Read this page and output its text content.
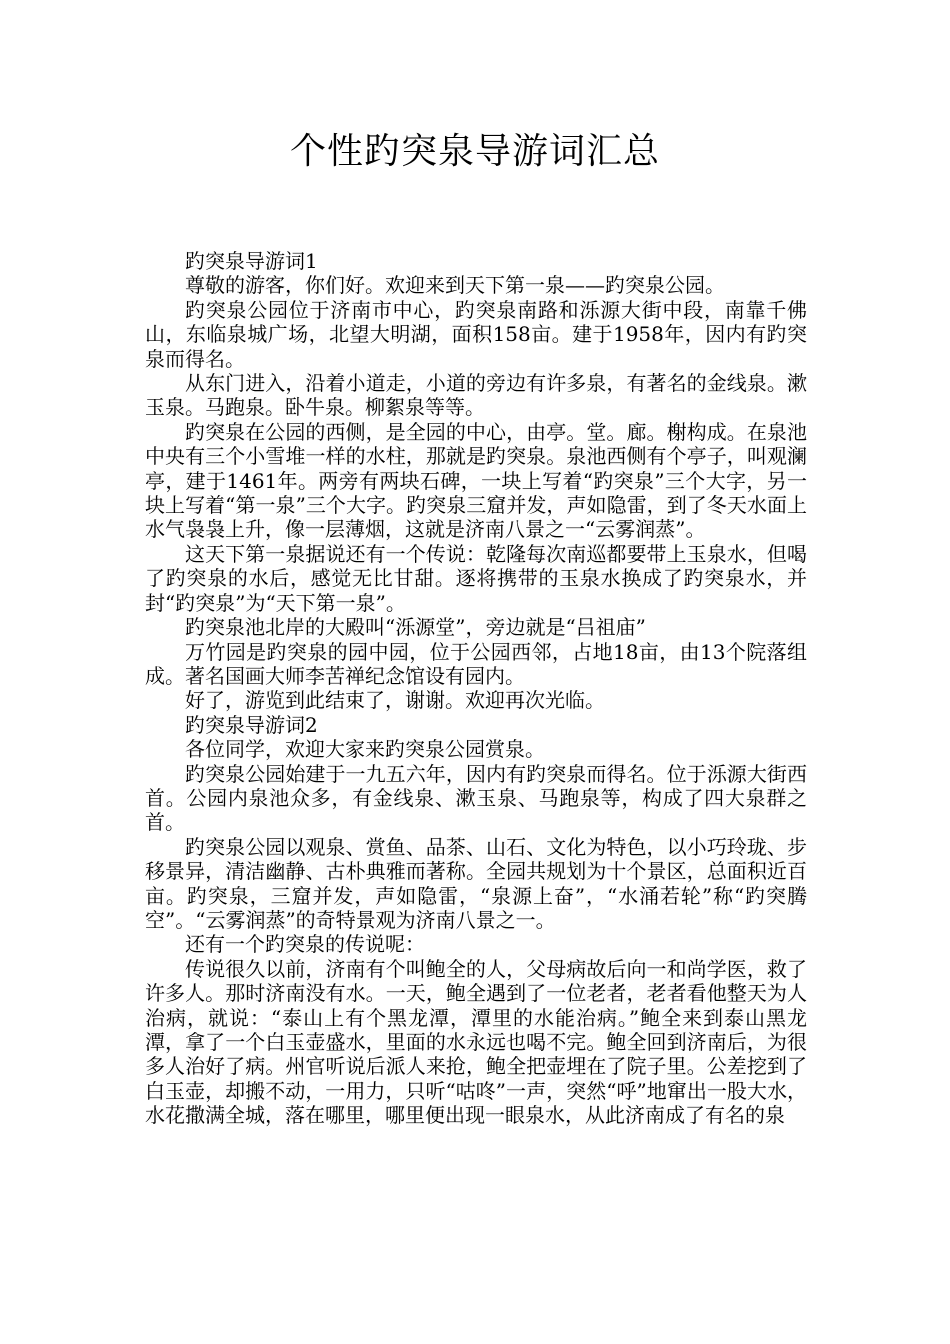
个性趵突泉导游词汇总

趵突泉导游词1

尊敬的游客，你们好。欢迎来到天下第一泉——趵突泉公园。

趵突泉公园位于济南市中心，趵突泉南路和泺源大街中段，南靠千佛山，东临泉城广场，北望大明湖，面积158亩。建于1958年，因内有趵突泉而得名。

从东门进入，沿着小道走，小道的旁边有许多泉，有著名的金线泉。漱玉泉。马跑泉。卧牛泉。柳絮泉等等。

趵突泉在公园的西侧，是全园的中心，由亭。堂。廊。榭构成。在泉池中央有三个小雪堆一样的水柱，那就是趵突泉。泉池西侧有个亭子，叫观澜亭，建于1461年。两旁有两块石碑，一块上写着“趵突泉”三个大字，另一块上写着“第一泉”三个大字。趵突泉三窟并发，声如隐雷，到了冬天水面上水气袅袅上升，像一层薄烟，这就是济南八景之一“云雾润蒸”。

这天下第一泉据说还有一个传说：乾隆每次南巡都要带上玉泉水，但喝了趵突泉的水后，感觉无比甘甜。逐将携带的玉泉水换成了趵突泉水，并封“趵突泉”为“天下第一泉”。

趵突泉池北岸的大殿叫“泺源堂”，旁边就是“吕祖庙”

万竹园是趵突泉的园中园，位于公园西邻，占地18亩，由13个院落组成。著名国画大师李苦禅纪念馆设有园内。

好了，游览到此结束了，谢谢。欢迎再次光临。

趵突泉导游词2

各位同学，欢迎大家来趵突泉公园赏泉。

趵突泉公园始建于一九五六年，因内有趵突泉而得名。位于泺源大街西首。公园内泉池众多，有金线泉、漱玉泉、马跑泉等，构成了四大泉群之首。

趵突泉公园以观泉、赏鱼、品茶、山石、文化为特色，以小巧玲珑、步移景异，清洁幽静、古朴典雅而著称。全园共规划为十个景区，总面积近百亩。趵突泉，三窟并发，声如隐雷，“泉源上奋”，“水涌若轮”称“趵突腾空”。“云雾润蒸”的奇特景观为济南八景之一。

还有一个趵突泉的传说呢：

传说很久以前，济南有个叫鲍全的人，父母病故后向一和尚学医，救了许多人。那时济南没有水。一天，鲍全遇到了一位老者，老者看他整天为人治病，就说：“泰山上有个黑龙潭，潭里的水能治病。”鲍全来到泰山黑龙潭，拿了一个白玉壶盛水，里面的水永远也喝不完。鲍全回到济南后，为很多人治好了病。州官听说后派人来抢，鲍全把壶埋在了院子里。公差挖到了白玉壶，却搬不动，一用力，只听“咕咚”一声，突然“呼”地窜出一股大水，水花撒满全城，落在哪里，哪里便出现一眼泉水，从此济南成了有名的泉
